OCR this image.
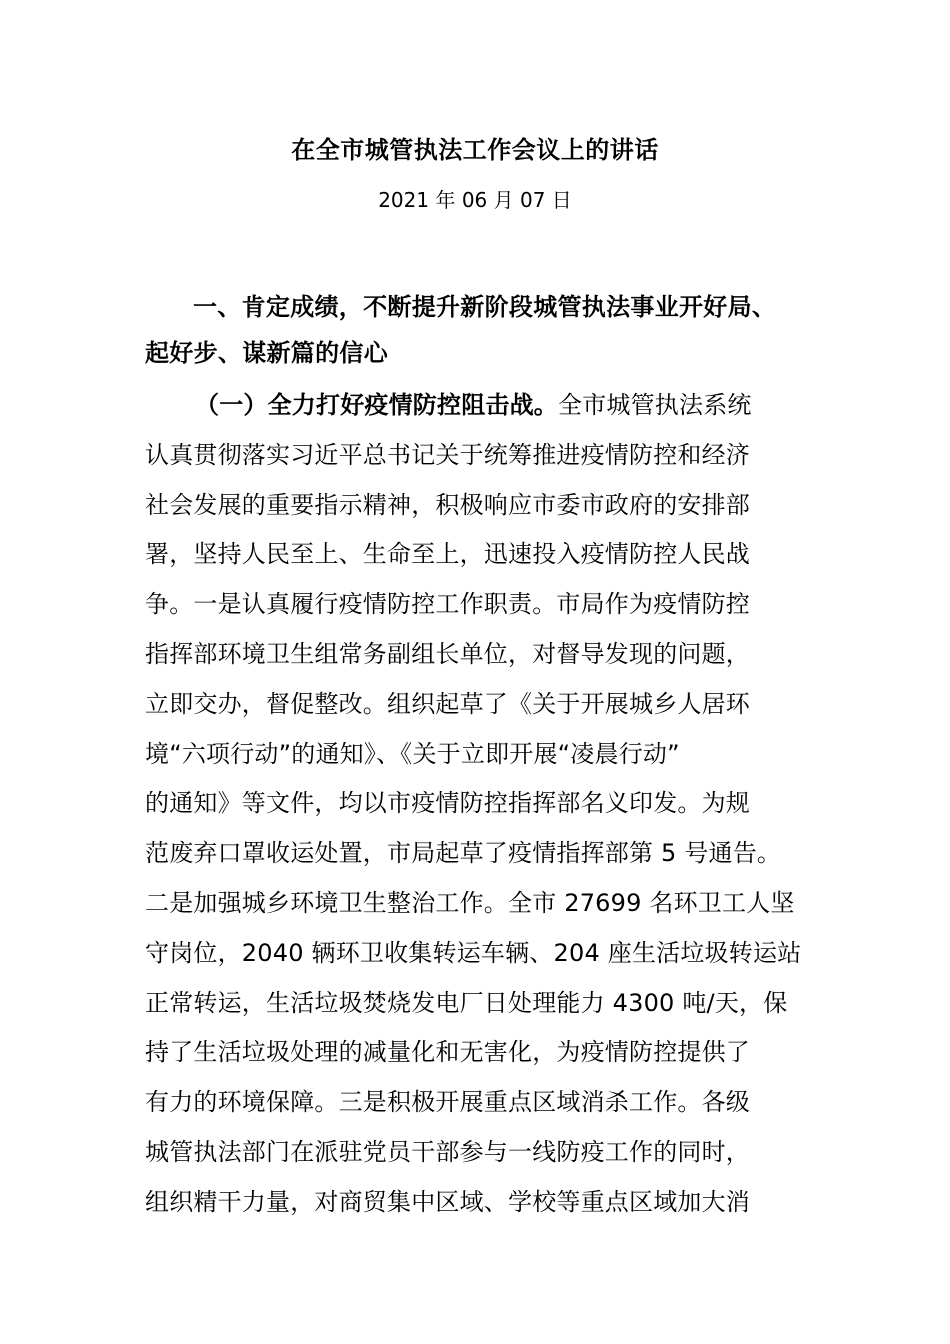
在全市城管执法工作会议上的讲话
2021 年 06 月 07 日
一、肯定成绩，不断提升新阶段城管执法事业开好局、
起好步、谋新篇的信心
（一）全力打好疫情防控阻击战。全市城管执法系统
认真贯彻落实习近平总书记关于统筹推进疫情防控和经济
社会发展的重要指示精神，积极响应市委市政府的安排部
署，坚持人民至上、生命至上，迅速投入疫情防控人民战
争。一是认真履行疫情防控工作职责。市局作为疫情防控
指挥部环境卫生组常务副组长单位，对督导发现的问题，
立即交办，督促整改。组织起草了《关于开展城乡人居环
境“六项行动”的通知》、《关于立即开展“凌晨行动”
的通知》等文件，均以市疫情防控指挥部名义印发。为规
范废弃口罩收运处置，市局起草了疫情指挥部第 5 号通告。
二是加强城乡环境卫生整治工作。全市 27699 名环卫工人坚
守岗位，2040 辆环卫收集转运车辆、204 座生活垃圾转运站
正常转运，生活垃圾焚烧发电厂日处理能力 4300 吨/天，保
持了生活垃圾处理的减量化和无害化，为疫情防控提供了
有力的环境保障。三是积极开展重点区域消杀工作。各级
城管执法部门在派驻党员干部参与一线防疫工作的同时，
组织精干力量，对商贸集中区域、学校等重点区域加大消
